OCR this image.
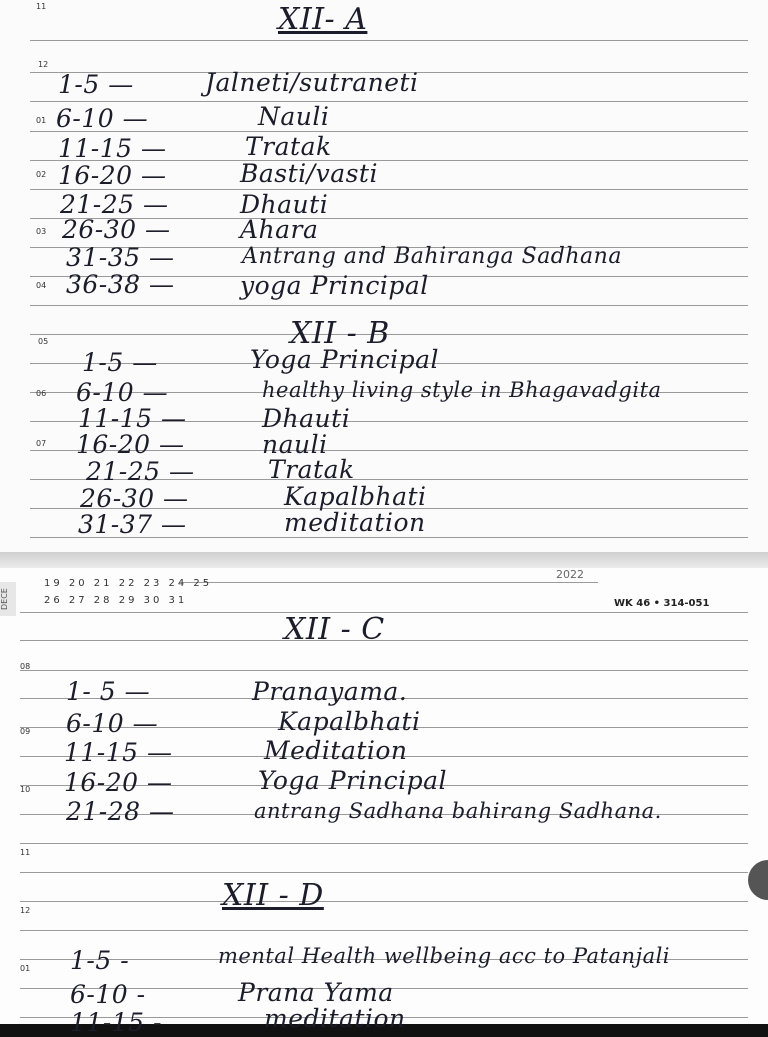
11
12
01
02
03
04
05
06
07
XII- A
1-5 —	Jalneti/sutraneti
6-10 —	Nauli
11-15 —	Tratak
16-20 —	Basti/vasti
21-25 —	Dhauti
26-30 —	Ahara
31-35 —	Antrang and Bahiranga Sadhana
36-38 —	yoga Principal
XII - B
1-5 —	Yoga Principal
6-10 —	healthy living style in Bhagavadgita
11-15 —	Dhauti
16-20 —	nauli
21-25 —	Tratak
26-30 —	Kapalbhati
31-37 —	meditation
DECE
19 20 21 22 23 24 25
26 27 28 29 30 31
2022
WK 46 • 314-051
08
09
10
11
12
01
XII - C
1- 5 —	Pranayama.
6-10 —	Kapalbhati
11-15 —	Meditation
16-20 —	Yoga Principal
21-28 —	antrang Sadhana bahirang Sadhana.
XII - D
1-5 -	mental Health wellbeing acc to Patanjali
6-10 -	Prana Yama
11-15 -	meditation
